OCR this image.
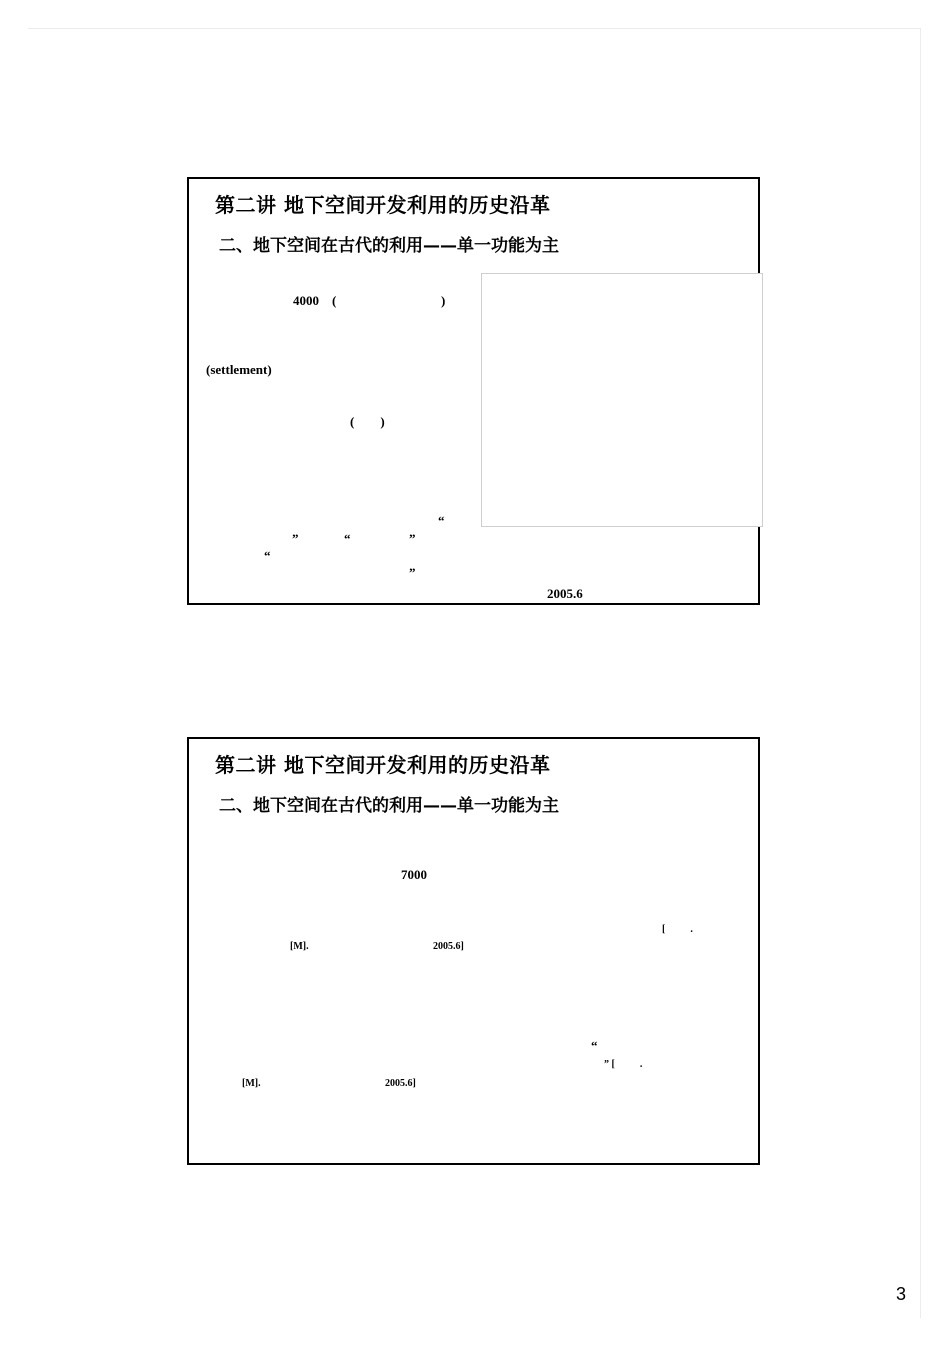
第二讲 地下空间开发利用的历史沿革
二、地下空间在古代的利用——单一功能为主
4000    (	)
(settlement)
(        )
“
”              “                  ”
“
”
2005.6
第二讲 地下空间开发利用的历史沿革
二、地下空间在古代的利用——单一功能为主
7000
[          .
[M].	2005.6]
“
” [          .
[M].	2005.6]
3
